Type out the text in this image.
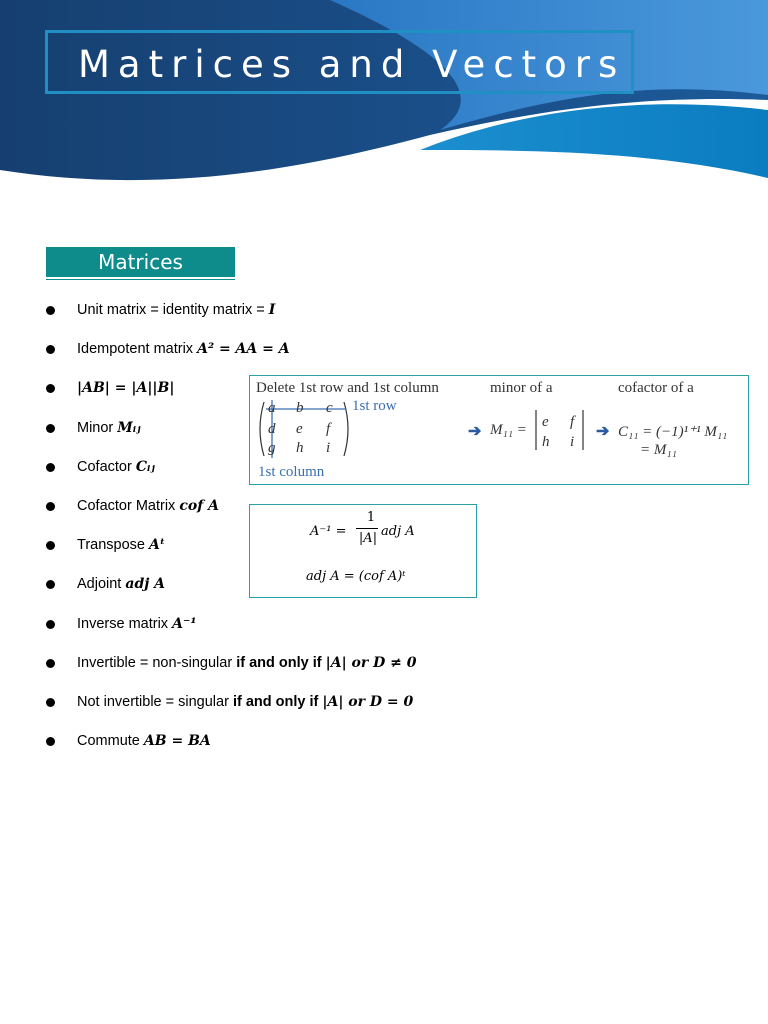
Matrices and Vectors
Matrices
Unit matrix = identity matrix = I
Idempotent matrix A² = AA = A
|AB| = |A||B|
Minor Mᵢⱼ
Cofactor Cᵢⱼ
Cofactor Matrix cof A
Transpose Aᵗ
Adjoint adj A
Inverse matrix A⁻¹
Invertible = non-singular if and only if |A| or D ≠ 0
Not invertible = singular if and only if |A| or D = 0
Commute AB = BA
Delete 1st row and 1st column	minor of a	cofactor of a
a b c
d e f
g h i
1st row
1st column
➔ M₁₁ = e f
h i
➔ C₁₁ = (−1)¹⁺¹ M₁₁
= M₁₁
A⁻¹ =
1
|A| adj A
adj A = (cof A)ᵗ
